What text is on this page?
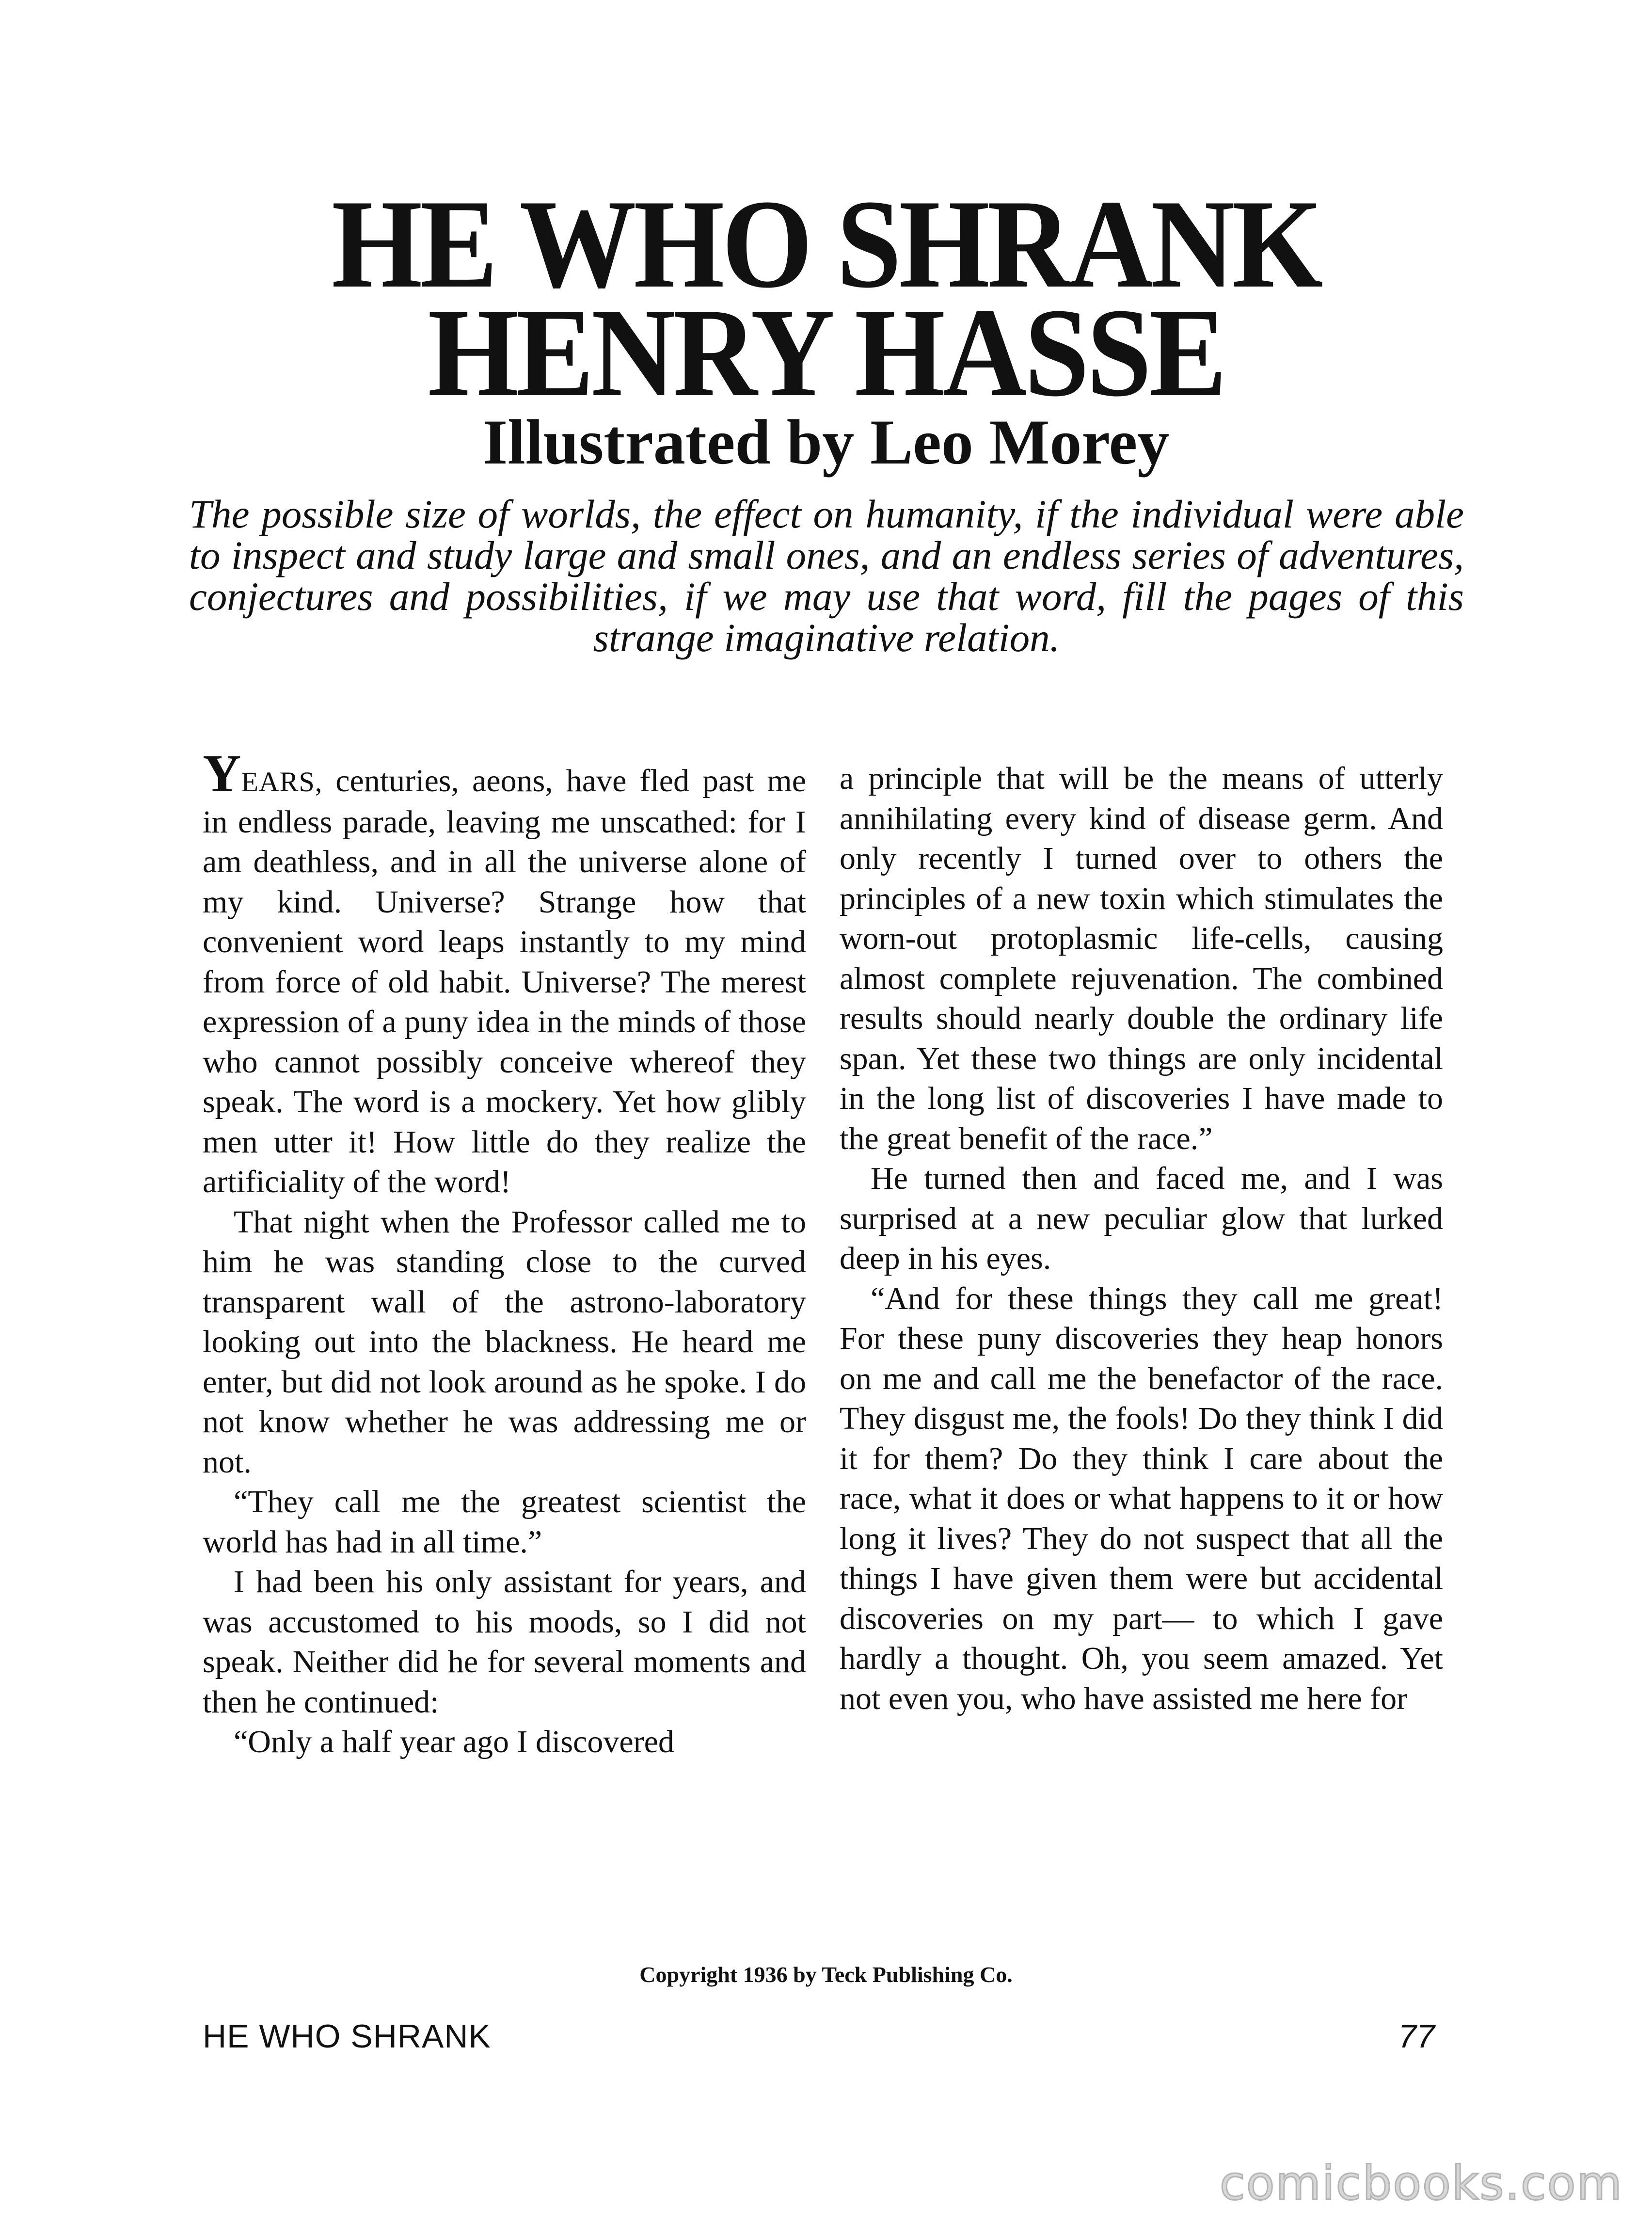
HE WHO SHRANK
HENRY HASSE
Illustrated by Leo Morey

The possible size of worlds, the effect on humanity, if the individual were able to inspect and study large and small ones, and an endless series of adventures, conjectures and possibilities, if we may use that word, fill the pages of this strange imaginative relation.

YEARS, centuries, aeons, have fled past me in endless parade, leaving me unscathed: for I am deathless, and in all the universe alone of my kind. Universe? Strange how that convenient word leaps instantly to my mind from force of old habit. Universe? The merest expression of a puny idea in the minds of those who cannot possibly conceive whereof they speak. The word is a mockery. Yet how glibly men utter it! How little do they realize the artificiality of the word!

That night when the Professor called me to him he was standing close to the curved transparent wall of the astrono-laboratory looking out into the blackness. He heard me enter, but did not look around as he spoke. I do not know whether he was addressing me or not.

“They call me the greatest scientist the world has had in all time.”

I had been his only assistant for years, and was accustomed to his moods, so I did not speak. Neither did he for several moments and then he continued:

“Only a half year ago I discovered

a principle that will be the means of utterly annihilating every kind of disease germ. And only recently I turned over to others the principles of a new toxin which stimulates the worn-out protoplasmic life-cells, causing almost complete rejuvenation. The combined results should nearly double the ordinary life span. Yet these two things are only incidental in the long list of discoveries I have made to the great benefit of the race.”

He turned then and faced me, and I was surprised at a new peculiar glow that lurked deep in his eyes.

“And for these things they call me great! For these puny discoveries they heap honors on me and call me the benefactor of the race. They disgust me, the fools! Do they think I did it for them? Do they think I care about the race, what it does or what happens to it or how long it lives? They do not suspect that all the things I have given them were but accidental discoveries on my part— to which I gave hardly a thought. Oh, you seem amazed. Yet not even you, who have assisted me here for

Copyright 1936 by Teck Publishing Co.

HE WHO SHRANK	77

comicbooks.com
